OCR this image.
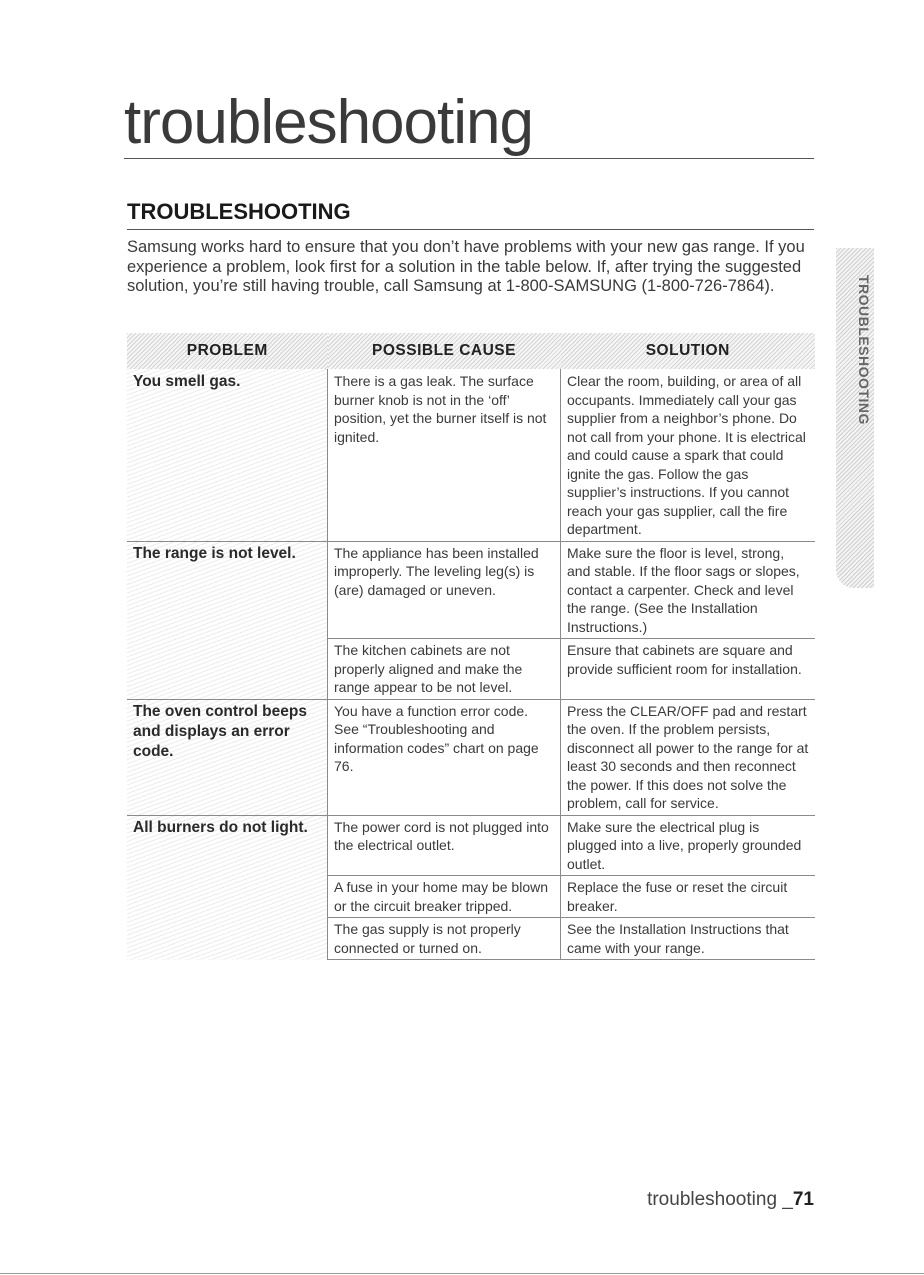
troubleshooting
TROUBLESHOOTING

Samsung works hard to ensure that you don’t have problems with your new gas range. If you experience a problem, look first for a solution in the table below. If, after trying the suggested solution, you’re still having trouble, call Samsung at 1-800-SAMSUNG (1-800-726-7864).	TROUBLESHOOTING
PROBLEM	POSSIBLE CAUSE	SOLUTION
You smell gas.	There is a gas leak. The surface burner knob is not in the ‘off’ position, yet the burner itself is not ignited.	Clear the room, building, or area of all occupants. Immediately call your gas supplier from a neighbor’s phone. Do not call from your phone. It is electrical and could cause a spark that could ignite the gas. Follow the gas supplier’s instructions. If you cannot reach your gas supplier, call the fire department.
The range is not level.	The appliance has been installed improperly. The leveling leg(s) is (are) damaged or uneven.	Make sure the floor is level, strong, and stable. If the floor sags or slopes, contact a carpenter. Check and level the range. (See the Installation Instructions.)
	The kitchen cabinets are not properly aligned and make the range appear to be not level.	Ensure that cabinets are square and provide sufficient room for installation.
The oven control beeps and displays an error code.	You have a function error code. See “Troubleshooting and information codes” chart on page 76.	Press the CLEAR/OFF pad and restart the oven. If the problem persists, disconnect all power to the range for at least 30 seconds and then reconnect the power. If this does not solve the problem, call for service.
All burners do not light.	The power cord is not plugged into the electrical outlet.	Make sure the electrical plug is plugged into a live, properly grounded outlet.
	A fuse in your home may be blown or the circuit breaker tripped.	Replace the fuse or reset the circuit breaker.
	The gas supply is not properly connected or turned on.	See the Installation Instructions that came with your range.
troubleshooting _71
